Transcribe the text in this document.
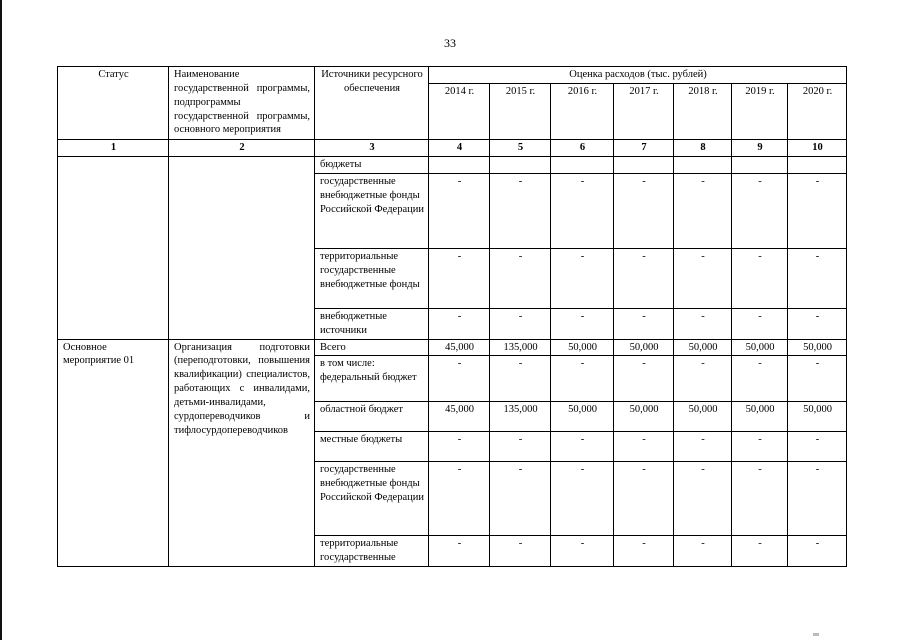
33
Статус	Наименование государственной программы, подпрограммы государственной программы, основного мероприятия	Источники ресурсного обеспечения	Оценка расходов (тыс. рублей)						
			2014 г.	2015 г.	2016 г.	2017 г.	2018 г.	2019 г.	2020 г.
1	2	3	4	5	6	7	8	9	10
		бюджеты							
		государственные внебюджетные фонды Российской Федерации	-	-	-	-	-	-	-
		территориальные государственные внебюджетные фонды	-	-	-	-	-	-	-
		внебюджетные источники	-	-	-	-	-	-	-
Основное мероприятие 01	Организация подготовки (переподготовки, повышения квалификации) специалистов, работающих с инвалидами, детьми-инвалидами, сурдопереводчиков и тифлосурдопереводчиков	Всего	45,000	135,000	50,000	50,000	50,000	50,000	50,000
		в том числе: федеральный бюджет	-	-	-	-	-	-	-
		областной бюджет	45,000	135,000	50,000	50,000	50,000	50,000	50,000
		местные бюджеты	-	-	-	-	-	-	-
		государственные внебюджетные фонды Российской Федерации	-	-	-	-	-	-	-
		территориальные государственные	-	-	-	-	-	-	-
